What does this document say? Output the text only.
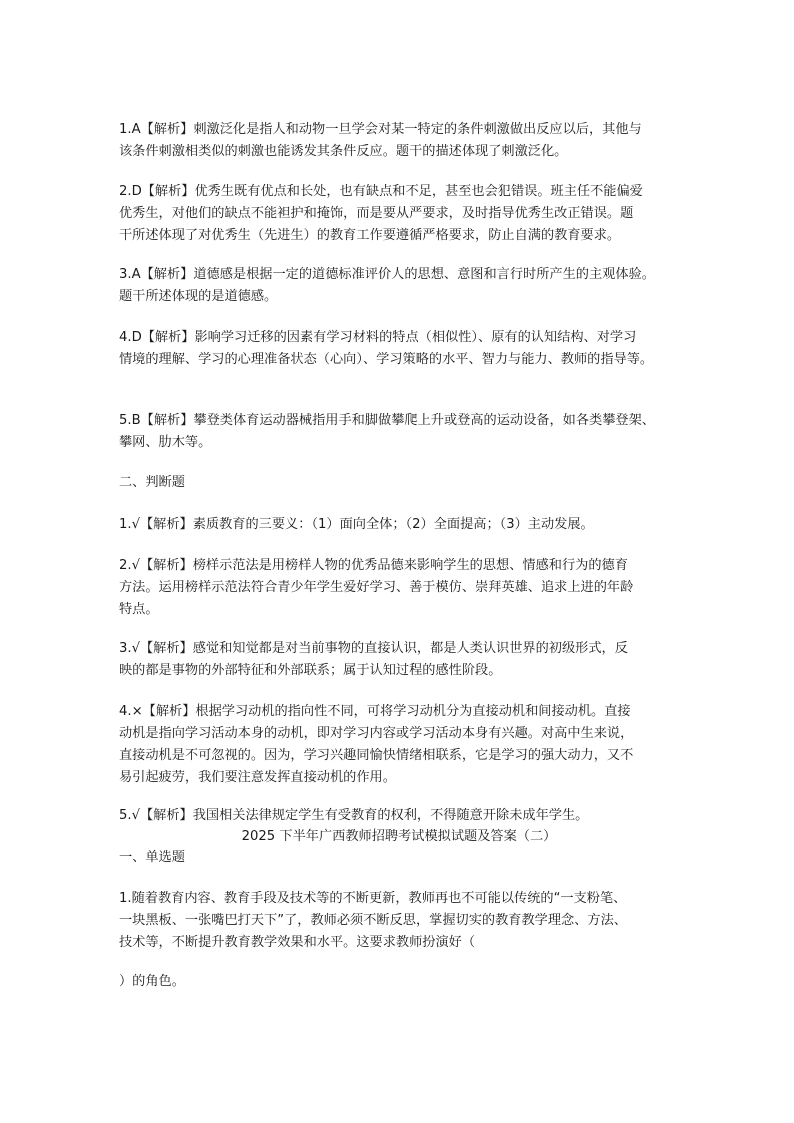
1.A【解析】刺激泛化是指人和动物一旦学会对某一特定的条件刺激做出反应以后，其他与
该条件刺激相类似的刺激也能诱发其条件反应。题干的描述体现了刺激泛化。
2.D【解析】优秀生既有优点和长处，也有缺点和不足，甚至也会犯错误。班主任不能偏爱
优秀生，对他们的缺点不能袒护和掩饰，而是要从严要求，及时指导优秀生改正错误。题
干所述体现了对优秀生（先进生）的教育工作要遵循严格要求，防止自满的教育要求。
3.A【解析】道德感是根据一定的道德标准评价人的思想、意图和言行时所产生的主观体验。
题干所述体现的是道德感。
4.D【解析】影响学习迁移的因素有学习材料的特点（相似性）、原有的认知结构、对学习
情境的理解、学习的心理准备状态（心向）、学习策略的水平、智力与能力、教师的指导等。
5.B【解析】攀登类体育运动器械指用手和脚做攀爬上升或登高的运动设备，如各类攀登架、
攀网、肋木等。
二、判断题
1.√【解析】素质教育的三要义：（1）面向全体；（2）全面提高；（3）主动发展。
2.√【解析】榜样示范法是用榜样人物的优秀品德来影响学生的思想、情感和行为的德育
方法。运用榜样示范法符合青少年学生爱好学习、善于模仿、崇拜英雄、追求上进的年龄
特点。
3.√【解析】感觉和知觉都是对当前事物的直接认识，都是人类认识世界的初级形式，反
映的都是事物的外部特征和外部联系；属于认知过程的感性阶段。
4.×【解析】根据学习动机的指向性不同，可将学习动机分为直接动机和间接动机。直接
动机是指向学习活动本身的动机，即对学习内容或学习活动本身有兴趣。对高中生来说，
直接动机是不可忽视的。因为，学习兴趣同愉快情绪相联系，它是学习的强大动力，又不
易引起疲劳，我们要注意发挥直接动机的作用。
5.√【解析】我国相关法律规定学生有受教育的权利，不得随意开除未成年学生。
2025 下半年广西教师招聘考试模拟试题及答案（二）
一、单选题
1.随着教育内容、教育手段及技术等的不断更新，教师再也不可能以传统的“一支粉笔、
一块黑板、一张嘴巴打天下”了，教师必须不断反思，掌握切实的教育教学理念、方法、
技术等，不断提升教育教学效果和水平。这要求教师扮演好（
）的角色。
